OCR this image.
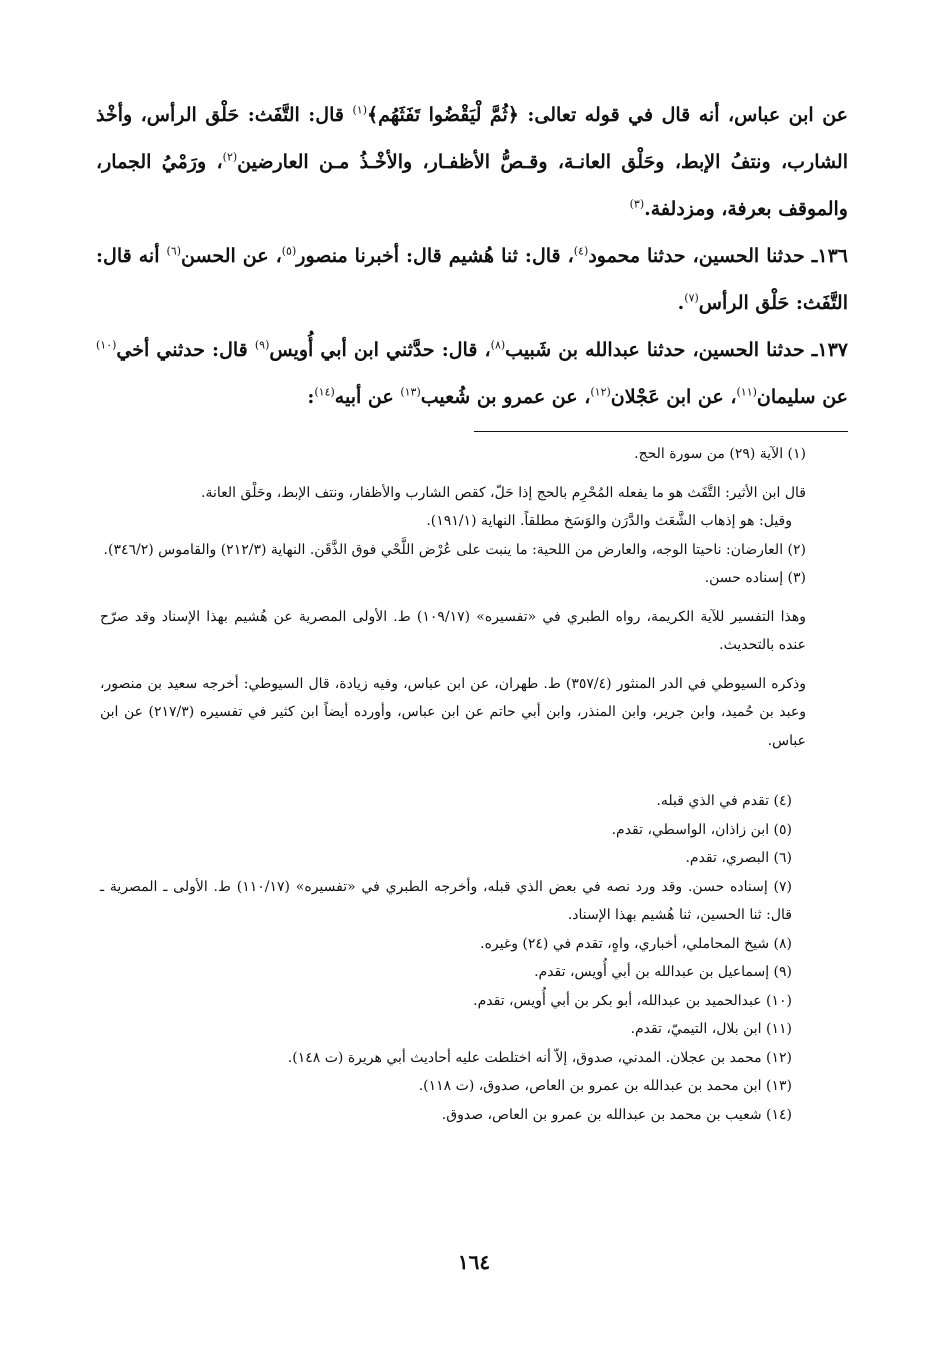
عن ابن عباس، أنه قال في قوله تعالى: ﴿ثُمَّ لْيَقْضُوا تَفَثَهُم﴾$^{(١)}$ قال: التَّفَث: حَلْق الرأس، وأخْذ الشارب، ونتفُ الإبط، وحَلْق العانـة، وقـصُّ الأظفـار، والأخْـذُ مـن العارضين$^{(٢)}$، ورَمْيُ الجمار، والموقف بعرفة، ومزدلفة.$^{(٣)}$

١٣٦ـ حدثنا الحسين، حدثنا محمود$^{(٤)}$، قال: ثنا هُشيم قال: أخبرنا منصور$^{(٥)}$، عن الحسن$^{(٦)}$ أنه قال: التَّفَث: حَلْق الرأس$^{(٧)}$.

١٣٧ـ حدثنا الحسين، حدثنا عبدالله بن شَبيب$^{(٨)}$، قال: حدَّثني ابن أبي أُويس$^{(٩)}$ قال: حدثني أخي$^{(١٠)}$ عن سليمان$^{(١١)}$، عن ابن عَجْلان$^{(١٢)}$، عن عمرو بن شُعيب$^{(١٣)}$ عن أبيه$^{(١٤)}$:

(١) الآية (٢٩) من سورة الحج.

قال ابن الأثير: التَّفَث هو ما يفعله المُحْرِم بالحج إذا حَلّ، كقص الشارب والأظفار، ونتف الإبط، وحَلْق العانة.

وقيل: هو إذهاب الشَّعَث والدَّرَن والوَسَخ مطلقاً. النهاية (١٩١/١).

(٢) العارضان: ناحيتا الوجه، والعارض من اللحية: ما ينبت على عُرْض اللَّحْي فوق الذَّقَن. النهاية (٢١٢/٣) والقاموس (٣٤٦/٢).

(٣) إسناده حسن.

وهذا التفسير للآية الكريمة، رواه الطبري في «تفسيره» (١٠٩/١٧) ط. الأولى المصرية عن هُشيم بهذا الإسناد وقد صرّح عنده بالتحديث.

وذكره السيوطي في الدر المنثور (٣٥٧/٤) ط. طهران، عن ابن عباس، وفيه زيادة، قال السيوطي: أخرجه سعيد بن منصور، وعبد بن حُميد، وابن جرير، وابن المنذر، وابن أبي حاتم عن ابن عباس، وأورده أيضاً ابن كثير في تفسيره (٢١٧/٣) عن ابن عباس.

(٤) تقدم في الذي قبله.

(٥) ابن زاذان، الواسطي، تقدم.

(٦) البصري، تقدم.

(٧) إسناده حسن. وقد ورد نصه في بعض الذي قبله، وأخرجه الطبري في «تفسيره» (١١٠/١٧) ط. الأولى ـ المصرية ـ قال: ثنا الحسين، ثنا هُشيم بهذا الإسناد.

(٨) شيخ المحاملي، أخباري، واهٍ، تقدم في (٢٤) وغيره.

(٩) إسماعيل بن عبدالله بن أبي أُويس، تقدم.

(١٠) عبدالحميد بن عبدالله، أبو بكر بن أبي أُويس، تقدم.

(١١) ابن بلال، التيميّ، تقدم.

(١٢) محمد بن عجلان. المدني، صدوق، إلاّ أنه اختلطت عليه أحاديث أبي هريرة (ت ١٤٨).

(١٣) ابن محمد بن عبدالله بن عمرو بن العاص، صدوق، (ت ١١٨).

(١٤) شعيب بن محمد بن عبدالله بن عمرو بن العاص، صدوق.

١٦٤
